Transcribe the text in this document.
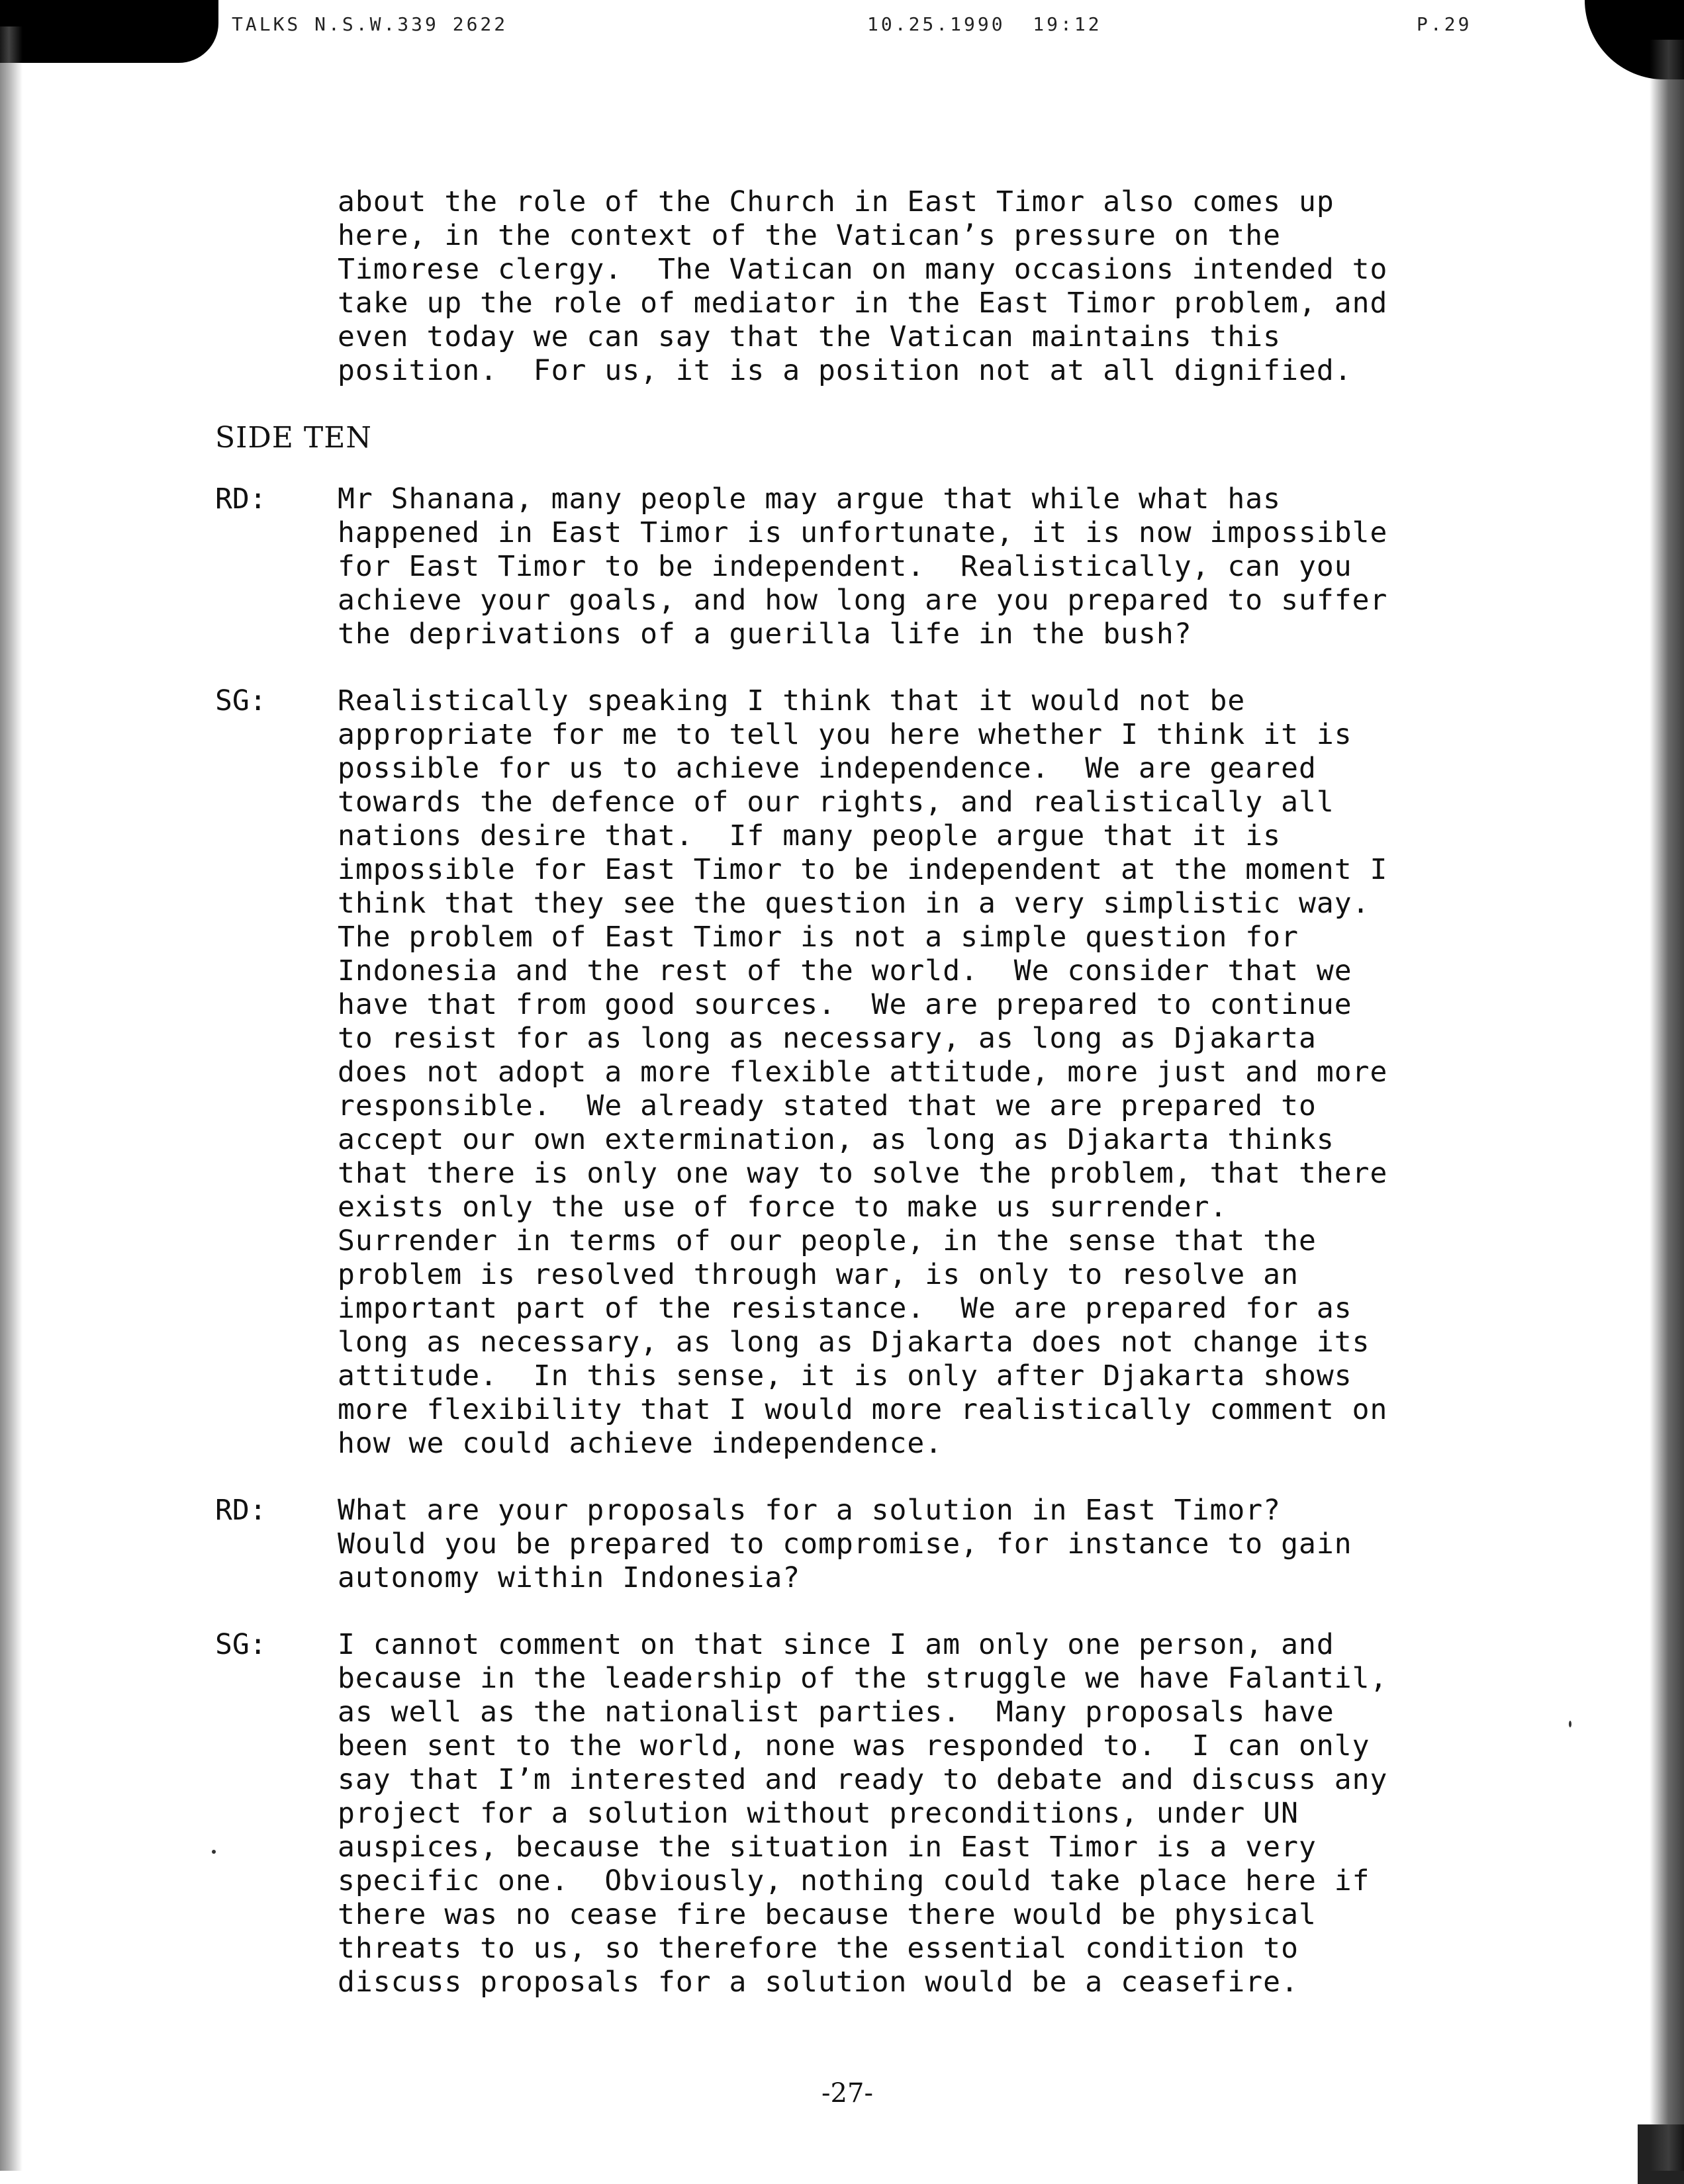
TALKS N.S.W.339 2622	10.25.1990  19:12	P.29
about the role of the Church in East Timor also comes up
here, in the context of the Vatican’s pressure on the
Timorese clergy.  The Vatican on many occasions intended to
take up the role of mediator in the East Timor problem, and
even today we can say that the Vatican maintains this
position.  For us, it is a position not at all dignified.
SIDE TEN
RD: Mr Shanana, many people may argue that while what has
happened in East Timor is unfortunate, it is now impossible
for East Timor to be independent.  Realistically, can you
achieve your goals, and how long are you prepared to suffer
the deprivations of a guerilla life in the bush?
SG: Realistically speaking I think that it would not be
appropriate for me to tell you here whether I think it is
possible for us to achieve independence.  We are geared
towards the defence of our rights, and realistically all
nations desire that.  If many people argue that it is
impossible for East Timor to be independent at the moment I
think that they see the question in a very simplistic way.
The problem of East Timor is not a simple question for
Indonesia and the rest of the world.  We consider that we
have that from good sources.  We are prepared to continue
to resist for as long as necessary, as long as Djakarta
does not adopt a more flexible attitude, more just and more
responsible.  We already stated that we are prepared to
accept our own extermination, as long as Djakarta thinks
that there is only one way to solve the problem, that there
exists only the use of force to make us surrender.
Surrender in terms of our people, in the sense that the
problem is resolved through war, is only to resolve an
important part of the resistance.  We are prepared for as
long as necessary, as long as Djakarta does not change its
attitude.  In this sense, it is only after Djakarta shows
more flexibility that I would more realistically comment on
how we could achieve independence.
RD: What are your proposals for a solution in East Timor?
Would you be prepared to compromise, for instance to gain
autonomy within Indonesia?
SG: I cannot comment on that since I am only one person, and
because in the leadership of the struggle we have Falantil,
as well as the nationalist parties.  Many proposals have
been sent to the world, none was responded to.  I can only
say that I’m interested and ready to debate and discuss any
project for a solution without preconditions, under UN
auspices, because the situation in East Timor is a very
specific one.  Obviously, nothing could take place here if
there was no cease fire because there would be physical
threats to us, so therefore the essential condition to
discuss proposals for a solution would be a ceasefire.
-27-
